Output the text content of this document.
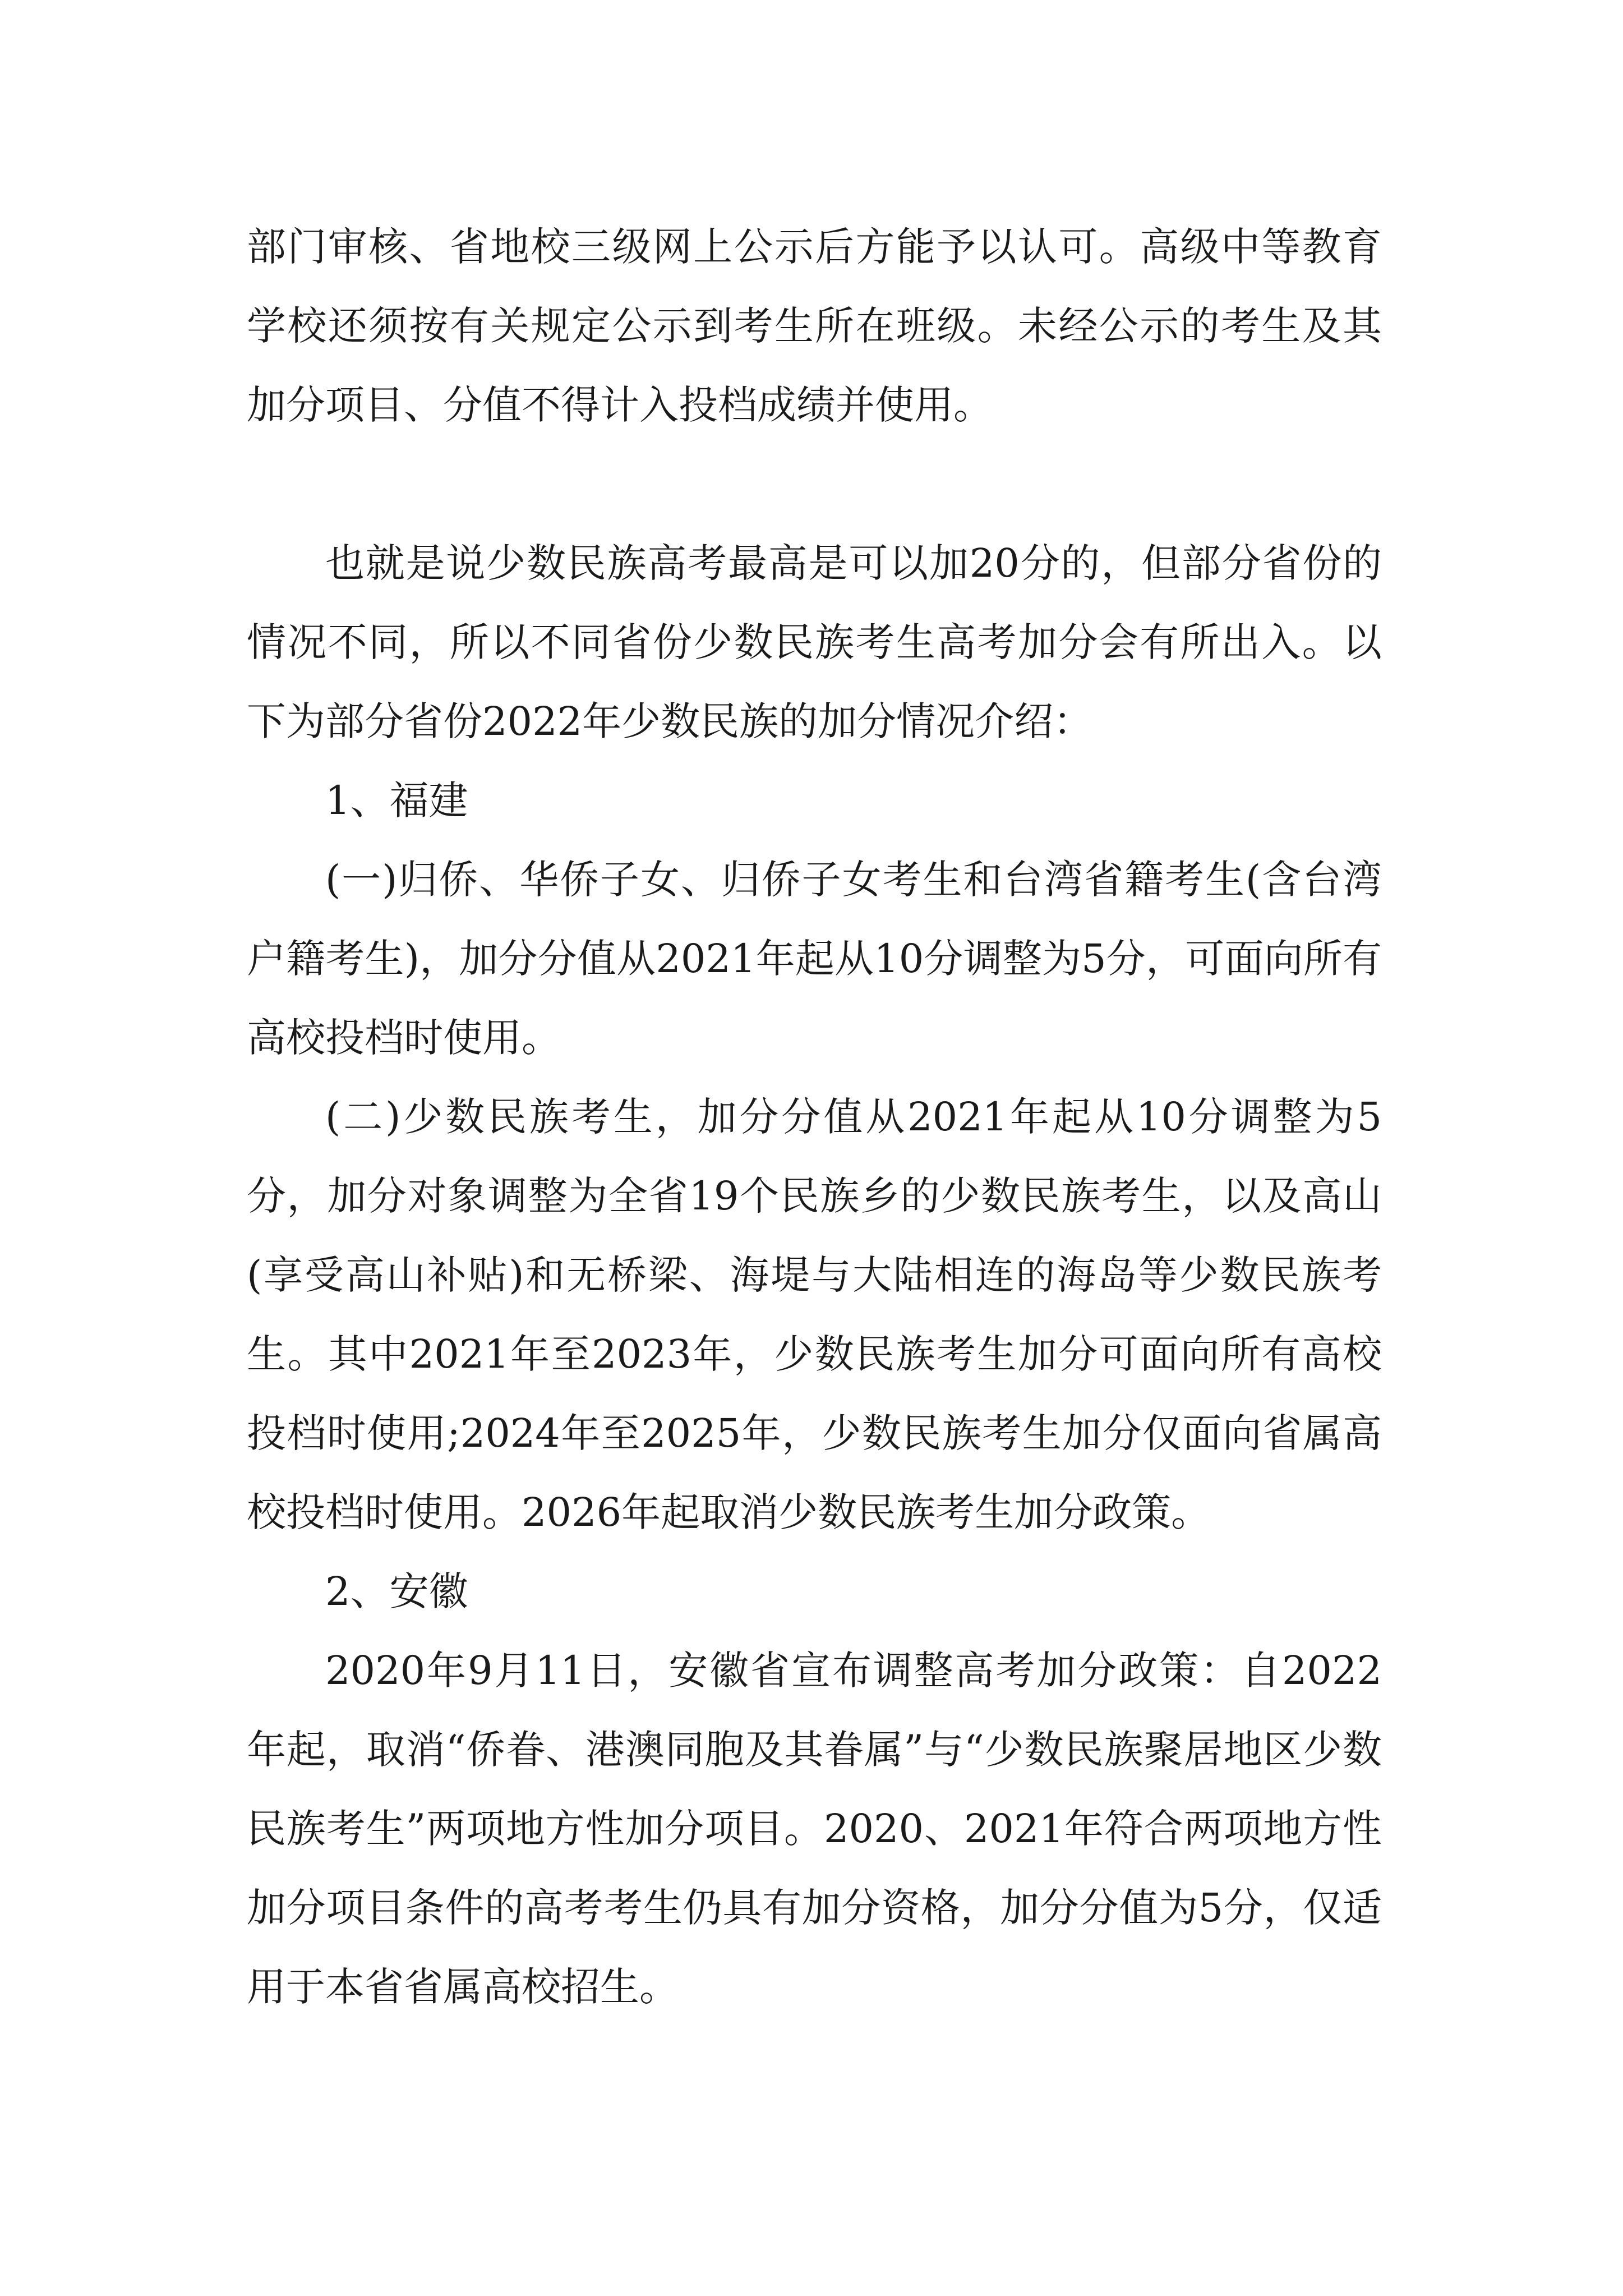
部门审核、省地校三级网上公示后方能予以认可。高级中等教育学校还须按有关规定公示到考生所在班级。未经公示的考生及其加分项目、分值不得计入投档成绩并使用。

也就是说少数民族高考最高是可以加20分的，但部分省份的情况不同，所以不同省份少数民族考生高考加分会有所出入。以下为部分省份2022年少数民族的加分情况介绍：

1、福建

(一)归侨、华侨子女、归侨子女考生和台湾省籍考生(含台湾户籍考生)，加分分值从2021年起从10分调整为5分，可面向所有高校投档时使用。

(二)少数民族考生，加分分值从2021年起从10分调整为5分，加分对象调整为全省19个民族乡的少数民族考生，以及高山(享受高山补贴)和无桥梁、海堤与大陆相连的海岛等少数民族考生。其中2021年至2023年，少数民族考生加分可面向所有高校投档时使用;2024年至2025年，少数民族考生加分仅面向省属高校投档时使用。2026年起取消少数民族考生加分政策。

2、安徽

2020年9月11日，安徽省宣布调整高考加分政策：自2022年起，取消“侨眷、港澳同胞及其眷属”与“少数民族聚居地区少数民族考生”两项地方性加分项目。2020、2021年符合两项地方性加分项目条件的高考考生仍具有加分资格，加分分值为5分，仅适用于本省省属高校招生。
